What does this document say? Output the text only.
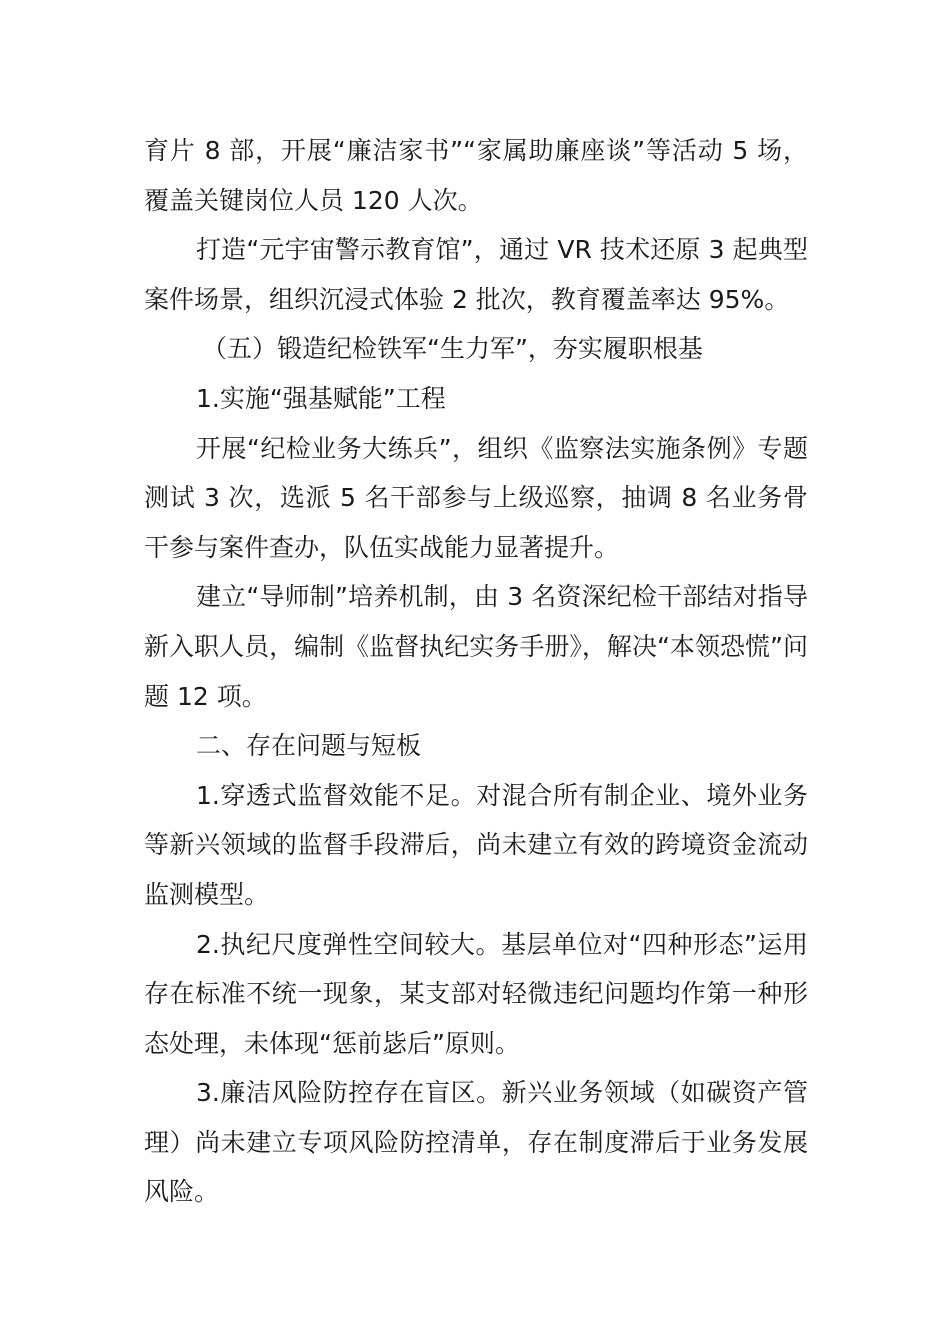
育片 8 部，开展“廉洁家书”“家属助廉座谈”等活动 5 场，覆盖关键岗位人员 120 人次。

打造“元宇宙警示教育馆”，通过 VR 技术还原 3 起典型案件场景，组织沉浸式体验 2 批次，教育覆盖率达 95%。

（五）锻造纪检铁军“生力军”，夯实履职根基

1.实施“强基赋能”工程

开展“纪检业务大练兵”，组织《监察法实施条例》专题测试 3 次，选派 5 名干部参与上级巡察，抽调 8 名业务骨干参与案件查办，队伍实战能力显著提升。

建立“导师制”培养机制，由 3 名资深纪检干部结对指导新入职人员，编制《监督执纪实务手册》，解决“本领恐慌”问题 12 项。

二、存在问题与短板

1.穿透式监督效能不足。对混合所有制企业、境外业务等新兴领域的监督手段滞后，尚未建立有效的跨境资金流动监测模型。

2.执纪尺度弹性空间较大。基层单位对“四种形态”运用存在标准不统一现象，某支部对轻微违纪问题均作第一种形态处理，未体现“惩前毖后”原则。

3.廉洁风险防控存在盲区。新兴业务领域（如碳资产管理）尚未建立专项风险防控清单，存在制度滞后于业务发展风险。
